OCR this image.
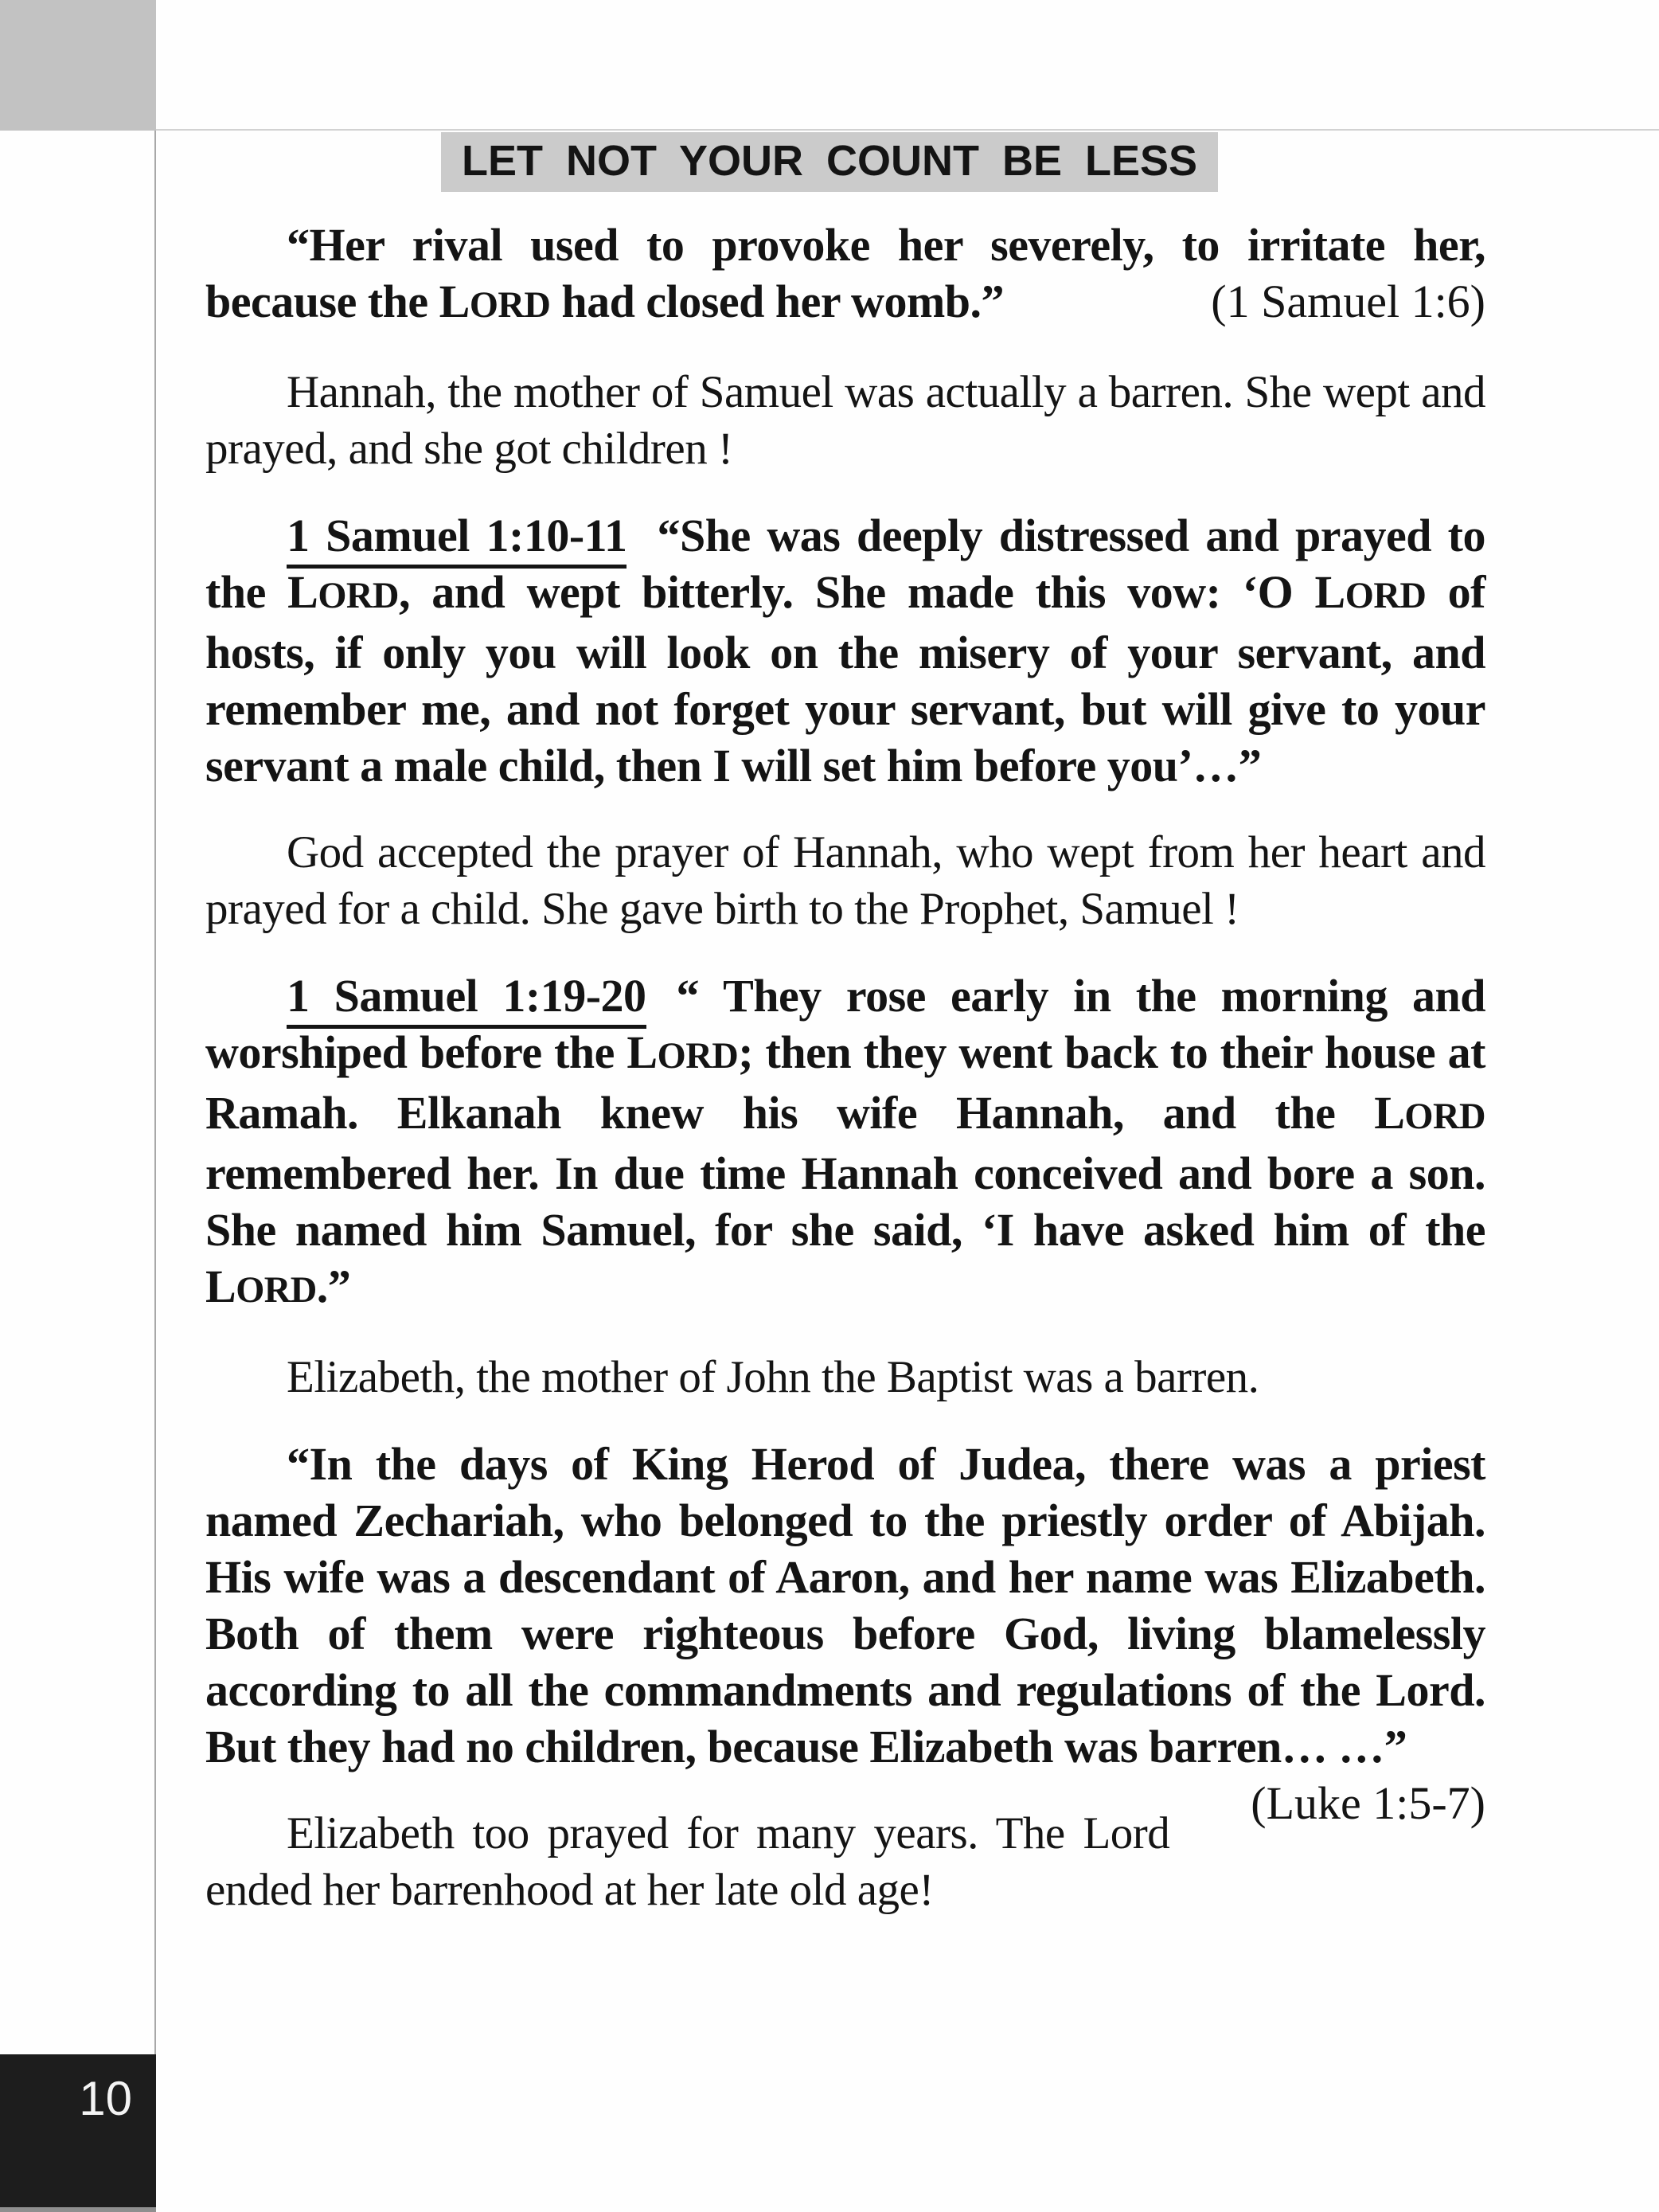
LET NOT YOUR COUNT BE LESS

“Her rival used to provoke her severely, to irritate her, because the LORD had closed her womb.”	(1 Samuel 1:6)

Hannah, the mother of Samuel was actually a barren. She wept and prayed, and she got children !

1 Samuel 1:10-11 “She was deeply distressed and prayed to the LORD, and wept bitterly. She made this vow: ‘O LORD of hosts, if only you will look on the misery of your servant, and remember me, and not forget your servant, but will give to your servant a male child, then I will set him before you’…”

God accepted the prayer of Hannah, who wept from her heart and prayed for a child. She gave birth to the Prophet, Samuel !

1 Samuel 1:19-20 “ They rose early in the morning and worshiped before the LORD; then they went back to their house at Ramah. Elkanah knew his wife Hannah, and the LORD remembered her. In due time Hannah conceived and bore a son. She named him Samuel, for she said, ‘I have asked him of the LORD.”

Elizabeth, the mother of John the Baptist was a barren.

“In the days of King Herod of Judea, there was a priest named Zechariah, who belonged to the priestly order of Abijah. His wife was a descendant of Aaron, and her name was Elizabeth. Both of them were righteous before God, living blamelessly according to all the commandments and regulations of the Lord. But they had no children, because Elizabeth was barren… …”
(Luke 1:5-7)

Elizabeth too prayed for many years. The Lord ended her barrenhood at her late old age!

10
